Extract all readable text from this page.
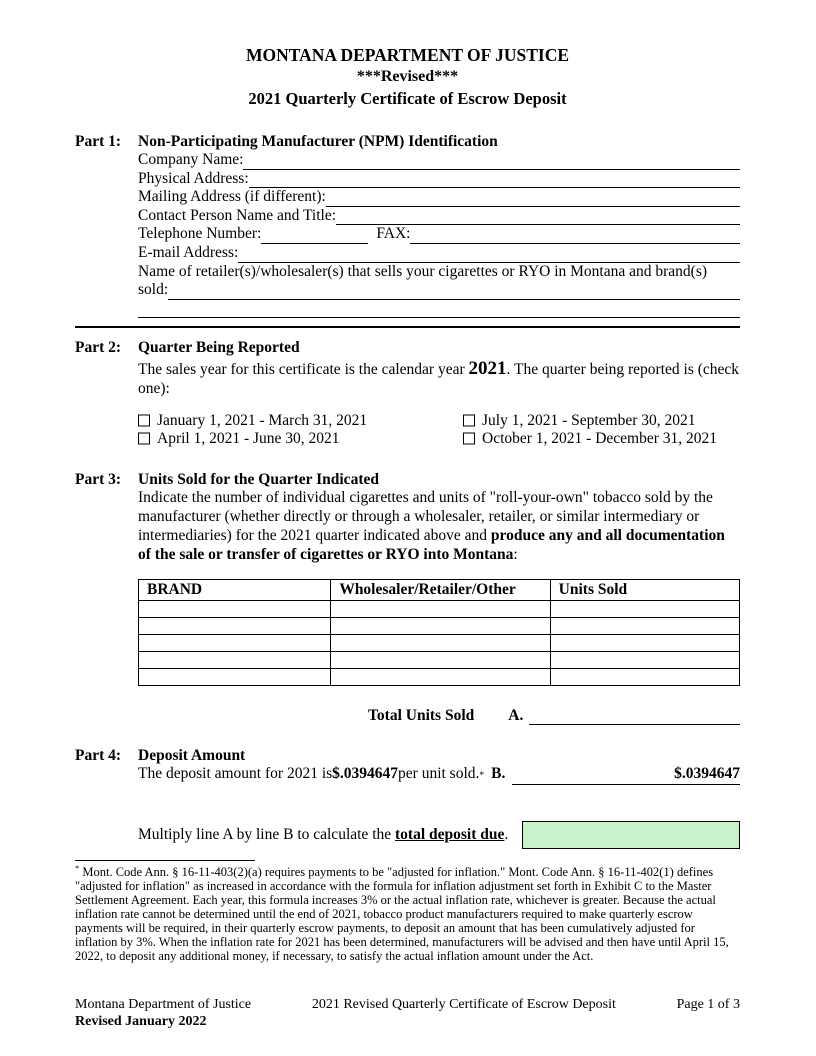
MONTANA DEPARTMENT OF JUSTICE
***Revised***
2021 Quarterly Certificate of Escrow Deposit
Part 1:	Non-Participating Manufacturer (NPM) Identification
Company Name:
Physical Address:
Mailing Address (if different):
Contact Person Name and Title:
Telephone Number:	FAX:
E-mail Address:
Name of retailer(s)/wholesaler(s) that sells your cigarettes or RYO in Montana and brand(s)
sold:
Part 2:	Quarter Being Reported

The sales year for this certificate is the calendar year 2021. The quarter being reported is (check one):

January 1, 2021 - March 31, 2021
April 1, 2021 - June 30, 2021
July 1, 2021 - September 30, 2021
October 1, 2021 - December 31, 2021
Part 3:	Units Sold for the Quarter Indicated

Indicate the number of individual cigarettes and units of "roll-your-own" tobacco sold by the manufacturer (whether directly or through a wholesaler, retailer, or similar intermediary or intermediaries) for the 2021 quarter indicated above and produce any and all documentation of the sale or transfer of cigarettes or RYO into Montana:

BRAND	Wholesaler/Retailer/Other	Units Sold

Total Units Sold A.
Part 4:	Deposit Amount
The deposit amount for 2021 is $.0394647 per unit sold. * B.	$.0394647
Multiply line A by line B to calculate the total deposit due.

* Mont. Code Ann. § 16-11-403(2)(a) requires payments to be "adjusted for inflation." Mont. Code Ann. § 16-11-402(1) defines "adjusted for inflation" as increased in accordance with the formula for inflation adjustment set forth in Exhibit C to the Master Settlement Agreement. Each year, this formula increases 3% or the actual inflation rate, whichever is greater. Because the actual inflation rate cannot be determined until the end of 2021, tobacco product manufacturers required to make quarterly escrow payments will be required, in their quarterly escrow payments, to deposit an amount that has been cumulatively adjusted for inflation by 3%. When the inflation rate for 2021 has been determined, manufacturers will be advised and then have until April 15, 2022, to deposit any additional money, if necessary, to satisfy the actual inflation amount under the Act.

Montana Department of Justice	2021 Revised Quarterly Certificate of Escrow Deposit	Page 1 of 3
Revised January 2022
